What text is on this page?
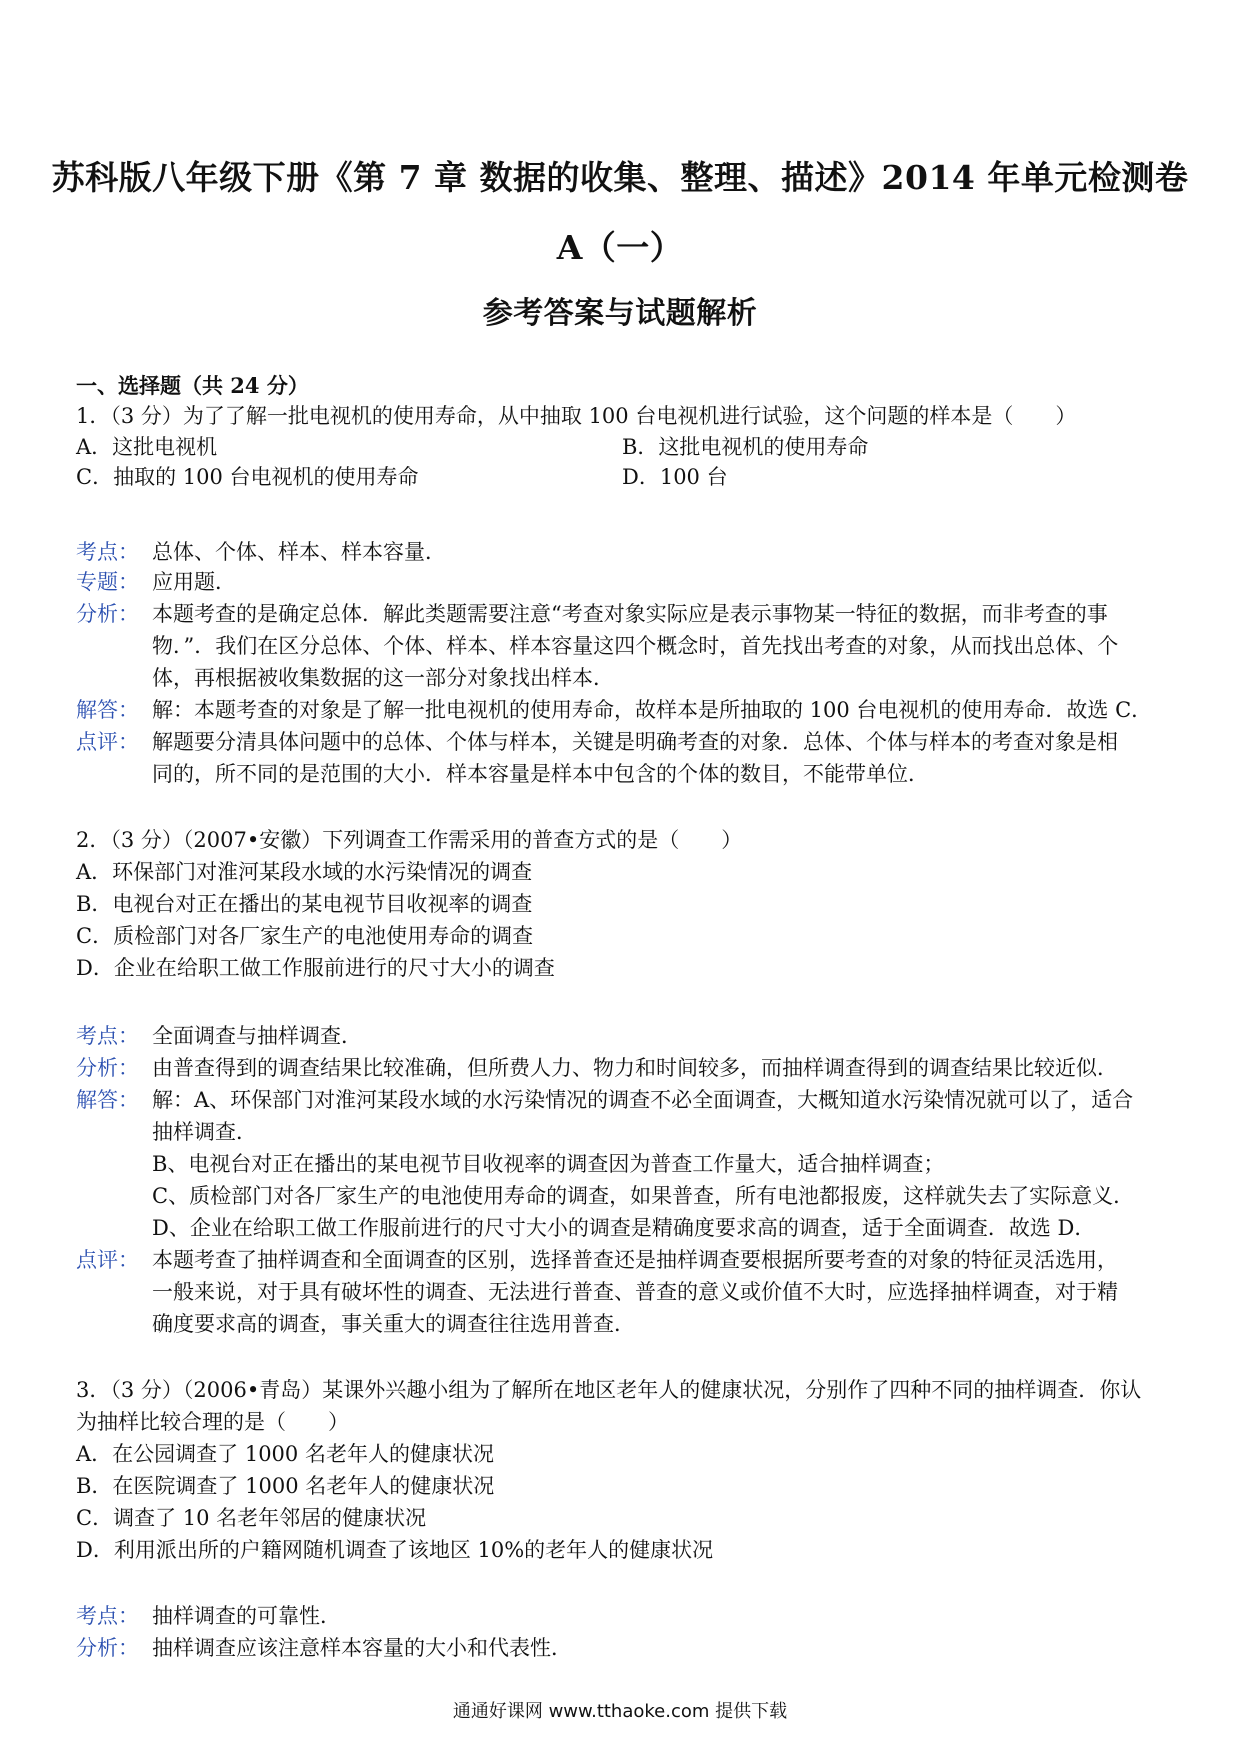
苏科版八年级下册《第 7 章 数据的收集、整理、描述》2014 年单元检测卷
A（一）
参考答案与试题解析
一、选择题（共 24 分）
1．（3 分）为了了解一批电视机的使用寿命，从中抽取 100 台电视机进行试验，这个问题的样本是（　　）
A．这批电视机	B．这批电视机的使用寿命
C．抽取的 100 台电视机的使用寿命	D．100 台
考点： 总体、个体、样本、样本容量．
专题： 应用题．
分析： 本题考查的是确定总体．解此类题需要注意“考查对象实际应是表示事物某一特征的数据，而非考查的事
物．”．我们在区分总体、个体、样本、样本容量这四个概念时，首先找出考查的对象，从而找出总体、个
体，再根据被收集数据的这一部分对象找出样本．
解答： 解：本题考查的对象是了解一批电视机的使用寿命，故样本是所抽取的 100 台电视机的使用寿命．故选 C．
点评： 解题要分清具体问题中的总体、个体与样本，关键是明确考查的对象．总体、个体与样本的考查对象是相
同的，所不同的是范围的大小．样本容量是样本中包含的个体的数目，不能带单位．
2．（3 分）（2007•安徽）下列调查工作需采用的普查方式的是（　　）
A．环保部门对淮河某段水域的水污染情况的调查
B．电视台对正在播出的某电视节目收视率的调查
C．质检部门对各厂家生产的电池使用寿命的调查
D．企业在给职工做工作服前进行的尺寸大小的调查
考点： 全面调查与抽样调查．
分析： 由普查得到的调查结果比较准确，但所费人力、物力和时间较多，而抽样调查得到的调查结果比较近似．
解答： 解：A、环保部门对淮河某段水域的水污染情况的调查不必全面调查，大概知道水污染情况就可以了，适合
抽样调查．
B、电视台对正在播出的某电视节目收视率的调查因为普查工作量大，适合抽样调查；
C、质检部门对各厂家生产的电池使用寿命的调查，如果普查，所有电池都报废，这样就失去了实际意义．
D、企业在给职工做工作服前进行的尺寸大小的调查是精确度要求高的调查，适于全面调查．故选 D．
点评： 本题考查了抽样调查和全面调查的区别，选择普查还是抽样调查要根据所要考查的对象的特征灵活选用，
一般来说，对于具有破坏性的调查、无法进行普查、普查的意义或价值不大时，应选择抽样调查，对于精
确度要求高的调查，事关重大的调查往往选用普查．
3．（3 分）（2006•青岛）某课外兴趣小组为了解所在地区老年人的健康状况，分别作了四种不同的抽样调查．你认
为抽样比较合理的是（　　）
A．在公园调查了 1000 名老年人的健康状况
B．在医院调查了 1000 名老年人的健康状况
C．调查了 10 名老年邻居的健康状况
D．利用派出所的户籍网随机调查了该地区 10%的老年人的健康状况
考点： 抽样调查的可靠性．
分析： 抽样调查应该注意样本容量的大小和代表性．
通通好课网 www.tthaoke.com 提供下载
